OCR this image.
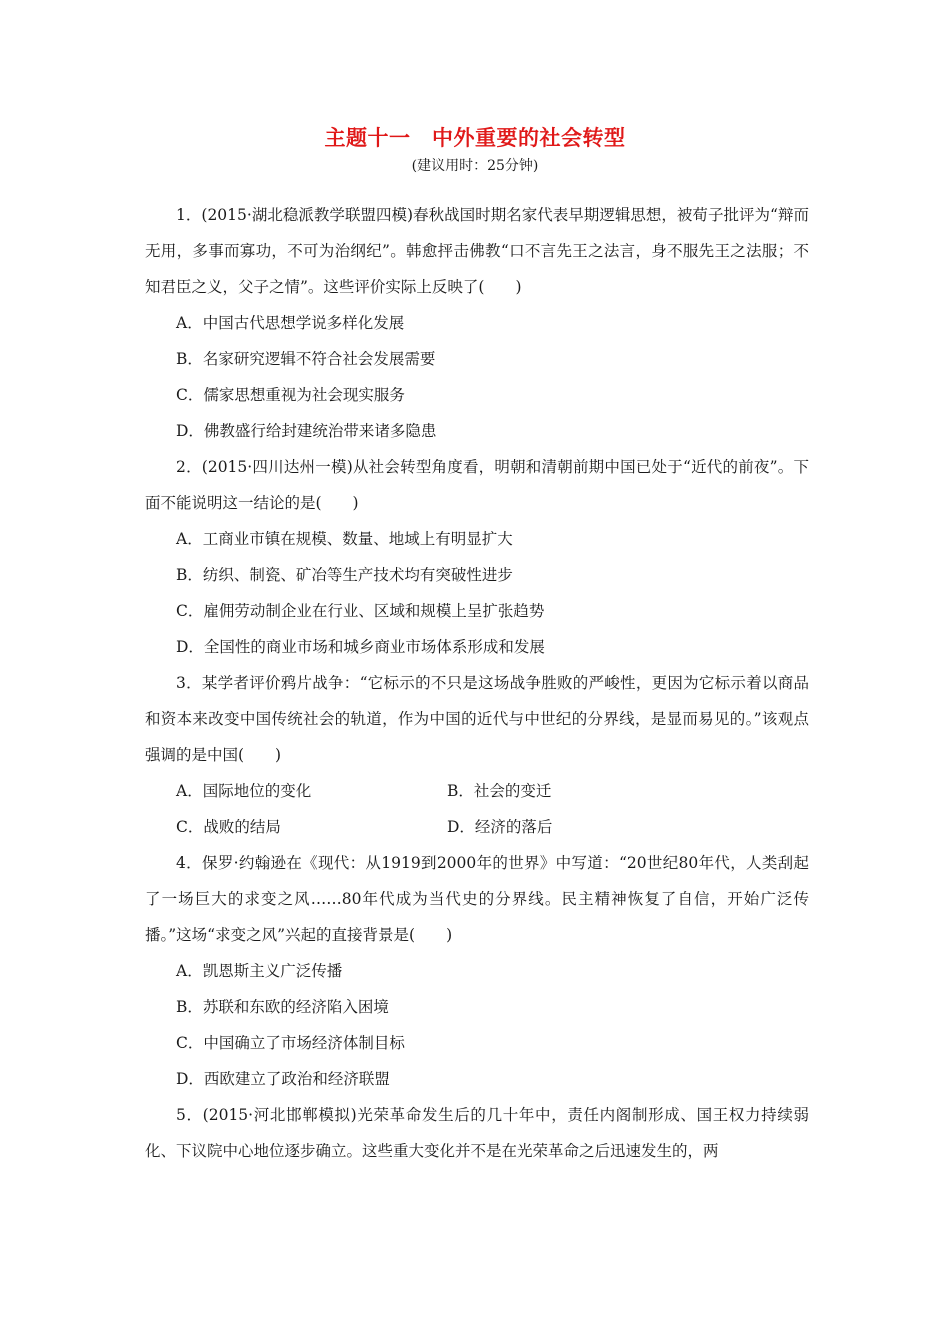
主题十一　中外重要的社会转型
(建议用时：25分钟)

1．(2015·湖北稳派教学联盟四模)春秋战国时期名家代表早期逻辑思想，被荀子批评为“辩而无用，多事而寡功，不可为治纲纪”。韩愈抨击佛教“口不言先王之法言，身不服先王之法服；不知君臣之义，父子之情”。这些评价实际上反映了(　　)

A．中国古代思想学说多样化发展

B．名家研究逻辑不符合社会发展需要

C．儒家思想重视为社会现实服务

D．佛教盛行给封建统治带来诸多隐患

2．(2015·四川达州一模)从社会转型角度看，明朝和清朝前期中国已处于“近代的前夜”。下面不能说明这一结论的是(　　)

A．工商业市镇在规模、数量、地域上有明显扩大

B．纺织、制瓷、矿冶等生产技术均有突破性进步

C．雇佣劳动制企业在行业、区域和规模上呈扩张趋势

D．全国性的商业市场和城乡商业市场体系形成和发展

3．某学者评价鸦片战争：“它标示的不只是这场战争胜败的严峻性，更因为它标示着以商品和资本来改变中国传统社会的轨道，作为中国的近代与中世纪的分界线，是显而易见的。”该观点强调的是中国(　　)

A．国际地位的变化	B．社会的变迁

C．战败的结局	D．经济的落后

4．保罗·约翰逊在《现代：从1919到2000年的世界》中写道：“20世纪80年代，人类刮起了一场巨大的求变之风……80年代成为当代史的分界线。民主精神恢复了自信，开始广泛传播。”这场“求变之风”兴起的直接背景是(　　)

A．凯恩斯主义广泛传播

B．苏联和东欧的经济陷入困境

C．中国确立了市场经济体制目标

D．西欧建立了政治和经济联盟

5．(2015·河北邯郸模拟)光荣革命发生后的几十年中，责任内阁制形成、国王权力持续弱化、下议院中心地位逐步确立。这些重大变化并不是在光荣革命之后迅速发生的，两
